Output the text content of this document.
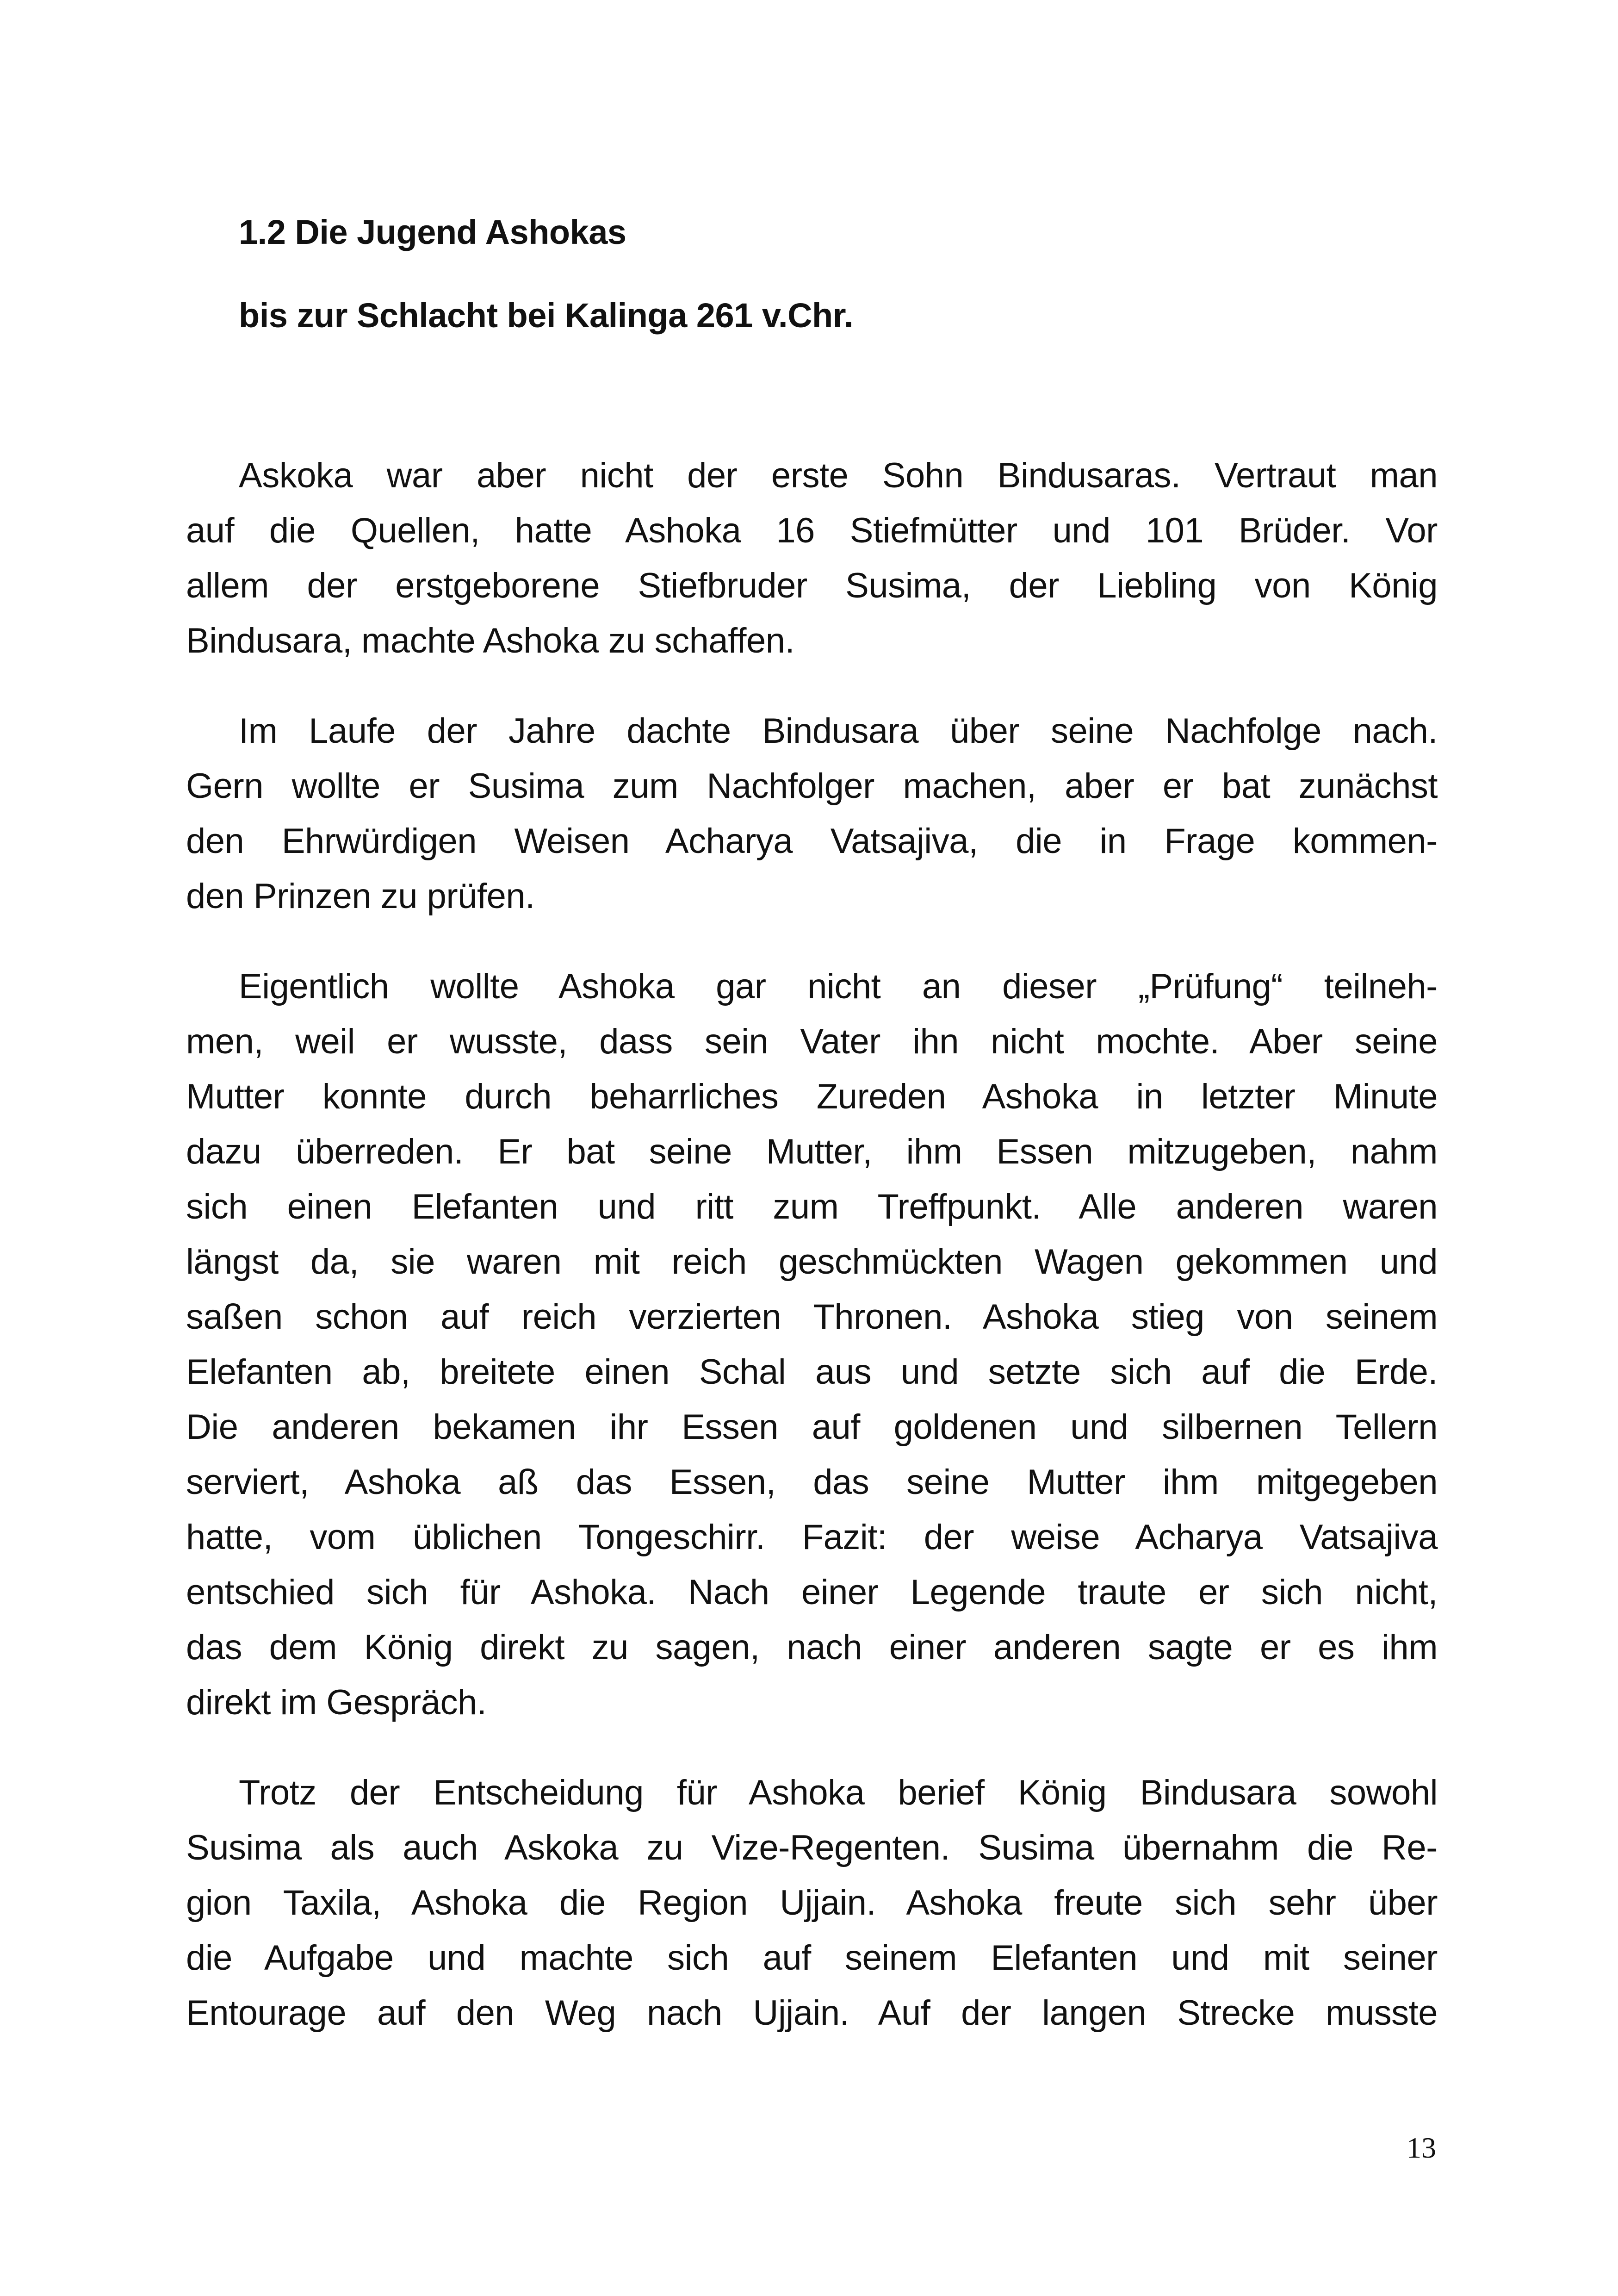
1.2 Die Jugend Ashokas
bis zur Schlacht bei Kalinga 261 v.Chr.

Askoka war aber nicht der erste Sohn Bindusaras. Vertraut man
auf die Quellen, hatte Ashoka 16 Stiefmütter und 101 Brüder. Vor
allem der erstgeborene Stiefbruder Susima, der Liebling von König
Bindusara, machte Ashoka zu schaffen.

Im Laufe der Jahre dachte Bindusara über seine Nachfolge nach.
Gern wollte er Susima zum Nachfolger machen, aber er bat zunächst
den Ehrwürdigen Weisen Acharya Vatsajiva, die in Frage kommen-
den Prinzen zu prüfen.

Eigentlich wollte Ashoka gar nicht an dieser „Prüfung“ teilneh-
men, weil er wusste, dass sein Vater ihn nicht mochte. Aber seine
Mutter konnte durch beharrliches Zureden Ashoka in letzter Minute
dazu überreden. Er bat seine Mutter, ihm Essen mitzugeben, nahm
sich einen Elefanten und ritt zum Treffpunkt. Alle anderen waren
längst da, sie waren mit reich geschmückten Wagen gekommen und
saßen schon auf reich verzierten Thronen. Ashoka stieg von seinem
Elefanten ab, breitete einen Schal aus und setzte sich auf die Erde.
Die anderen bekamen ihr Essen auf goldenen und silbernen Tellern
serviert, Ashoka aß das Essen, das seine Mutter ihm mitgegeben
hatte, vom üblichen Tongeschirr. Fazit: der weise Acharya Vatsajiva
entschied sich für Ashoka. Nach einer Legende traute er sich nicht,
das dem König direkt zu sagen, nach einer anderen sagte er es ihm
direkt im Gespräch.

Trotz der Entscheidung für Ashoka berief König Bindusara sowohl
Susima als auch Askoka zu Vize-Regenten. Susima übernahm die Re-
gion Taxila, Ashoka die Region Ujjain. Ashoka freute sich sehr über
die Aufgabe und machte sich auf seinem Elefanten und mit seiner
Entourage auf den Weg nach Ujjain. Auf der langen Strecke musste

13
